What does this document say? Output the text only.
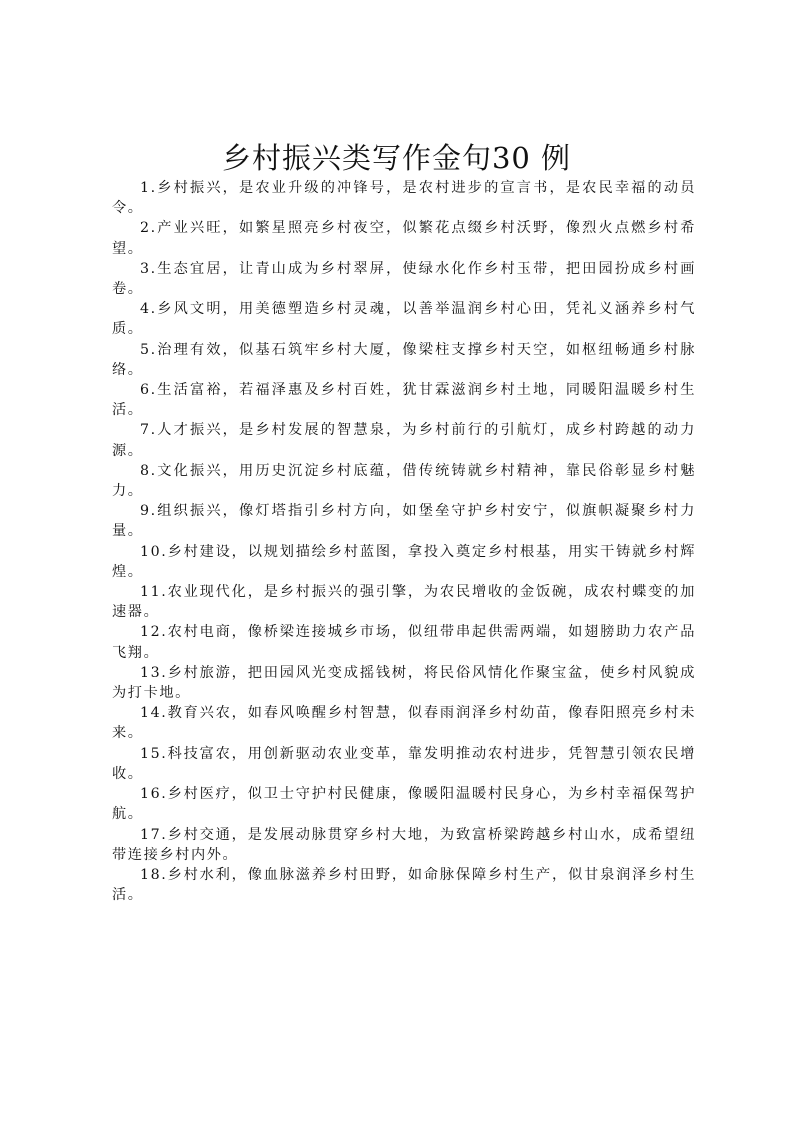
乡村振兴类写作金句30 例

1.乡村振兴，是农业升级的冲锋号，是农村进步的宣言书，是农民幸福的动员令。

2.产业兴旺，如繁星照亮乡村夜空，似繁花点缀乡村沃野，像烈火点燃乡村希望。

3.生态宜居，让青山成为乡村翠屏，使绿水化作乡村玉带，把田园扮成乡村画卷。

4.乡风文明，用美德塑造乡村灵魂，以善举温润乡村心田，凭礼义涵养乡村气质。

5.治理有效，似基石筑牢乡村大厦，像梁柱支撑乡村天空，如枢纽畅通乡村脉络。

6.生活富裕，若福泽惠及乡村百姓，犹甘霖滋润乡村土地，同暖阳温暖乡村生活。

7.人才振兴，是乡村发展的智慧泉，为乡村前行的引航灯，成乡村跨越的动力源。

8.文化振兴，用历史沉淀乡村底蕴，借传统铸就乡村精神，靠民俗彰显乡村魅力。

9.组织振兴，像灯塔指引乡村方向，如堡垒守护乡村安宁，似旗帜凝聚乡村力量。

10.乡村建设，以规划描绘乡村蓝图，拿投入奠定乡村根基，用实干铸就乡村辉煌。

11.农业现代化，是乡村振兴的强引擎，为农民增收的金饭碗，成农村蝶变的加速器。

12.农村电商，像桥梁连接城乡市场，似纽带串起供需两端，如翅膀助力农产品飞翔。

13.乡村旅游，把田园风光变成摇钱树，将民俗风情化作聚宝盆，使乡村风貌成为打卡地。

14.教育兴农，如春风唤醒乡村智慧，似春雨润泽乡村幼苗，像春阳照亮乡村未来。

15.科技富农，用创新驱动农业变革，靠发明推动农村进步，凭智慧引领农民增收。

16.乡村医疗，似卫士守护村民健康，像暖阳温暖村民身心，为乡村幸福保驾护航。

17.乡村交通，是发展动脉贯穿乡村大地，为致富桥梁跨越乡村山水，成希望纽带连接乡村内外。

18.乡村水利，像血脉滋养乡村田野，如命脉保障乡村生产，似甘泉润泽乡村生活。
